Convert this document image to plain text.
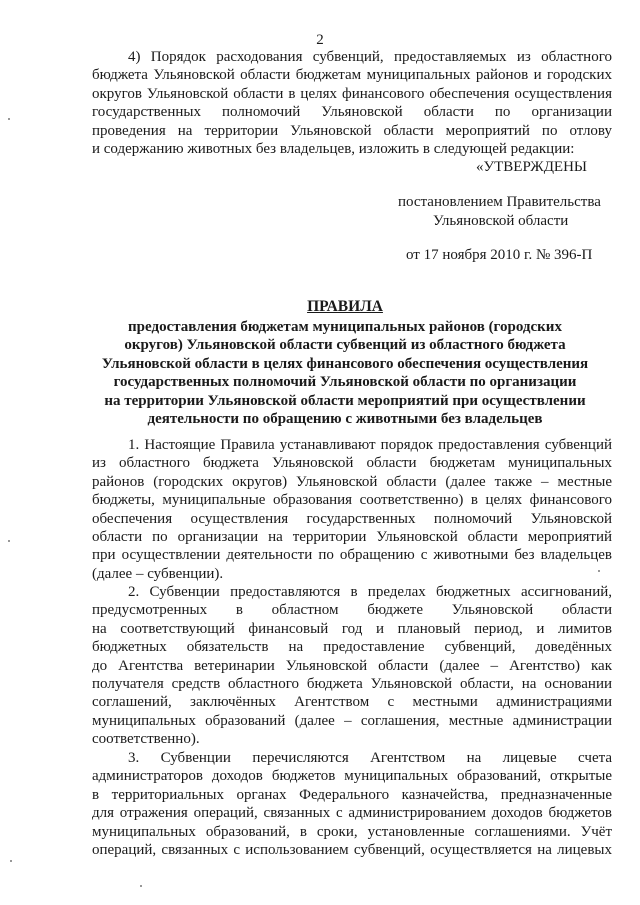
2
4) Порядок расходования субвенций, предоставляемых из областного
бюджета Ульяновской области бюджетам муниципальных районов и городских
округов Ульяновской области в целях финансового обеспечения осуществления
государственных полномочий Ульяновской области по организации
проведения на территории Ульяновской области мероприятий по отлову
и содержанию животных без владельцев, изложить в следующей редакции:
«УТВЕРЖДЕНЫ
постановлением Правительства
Ульяновской области
от 17 ноября 2010 г. № 396-П
ПРАВИЛА
предоставления бюджетам муниципальных районов (городских
округов) Ульяновской области субвенций из областного бюджета
Ульяновской области в целях финансового обеспечения осуществления
государственных полномочий Ульяновской области по организации
на территории Ульяновской области мероприятий при осуществлении
деятельности по обращению с животными без владельцев
1. Настоящие Правила устанавливают порядок предоставления субвенций
из областного бюджета Ульяновской области бюджетам муниципальных
районов (городских округов) Ульяновской области (далее также – местные
бюджеты, муниципальные образования соответственно) в целях финансового
обеспечения осуществления государственных полномочий Ульяновской
области по организации на территории Ульяновской области мероприятий
при осуществлении деятельности по обращению с животными без владельцев
(далее – субвенции).
2. Субвенции предоставляются в пределах бюджетных ассигнований,
предусмотренных в областном бюджете Ульяновской области
на соответствующий финансовый год и плановый период, и лимитов
бюджетных обязательств на предоставление субвенций, доведённых
до Агентства ветеринарии Ульяновской области (далее – Агентство) как
получателя средств областного бюджета Ульяновской области, на основании
соглашений, заключённых Агентством с местными администрациями
муниципальных образований (далее – соглашения, местные администрации
соответственно).
3. Субвенции перечисляются Агентством на лицевые счета
администраторов доходов бюджетов муниципальных образований, открытые
в территориальных органах Федерального казначейства, предназначенные
для отражения операций, связанных с администрированием доходов бюджетов
муниципальных образований, в сроки, установленные соглашениями. Учёт
операций, связанных с использованием субвенций, осуществляется на лицевых
